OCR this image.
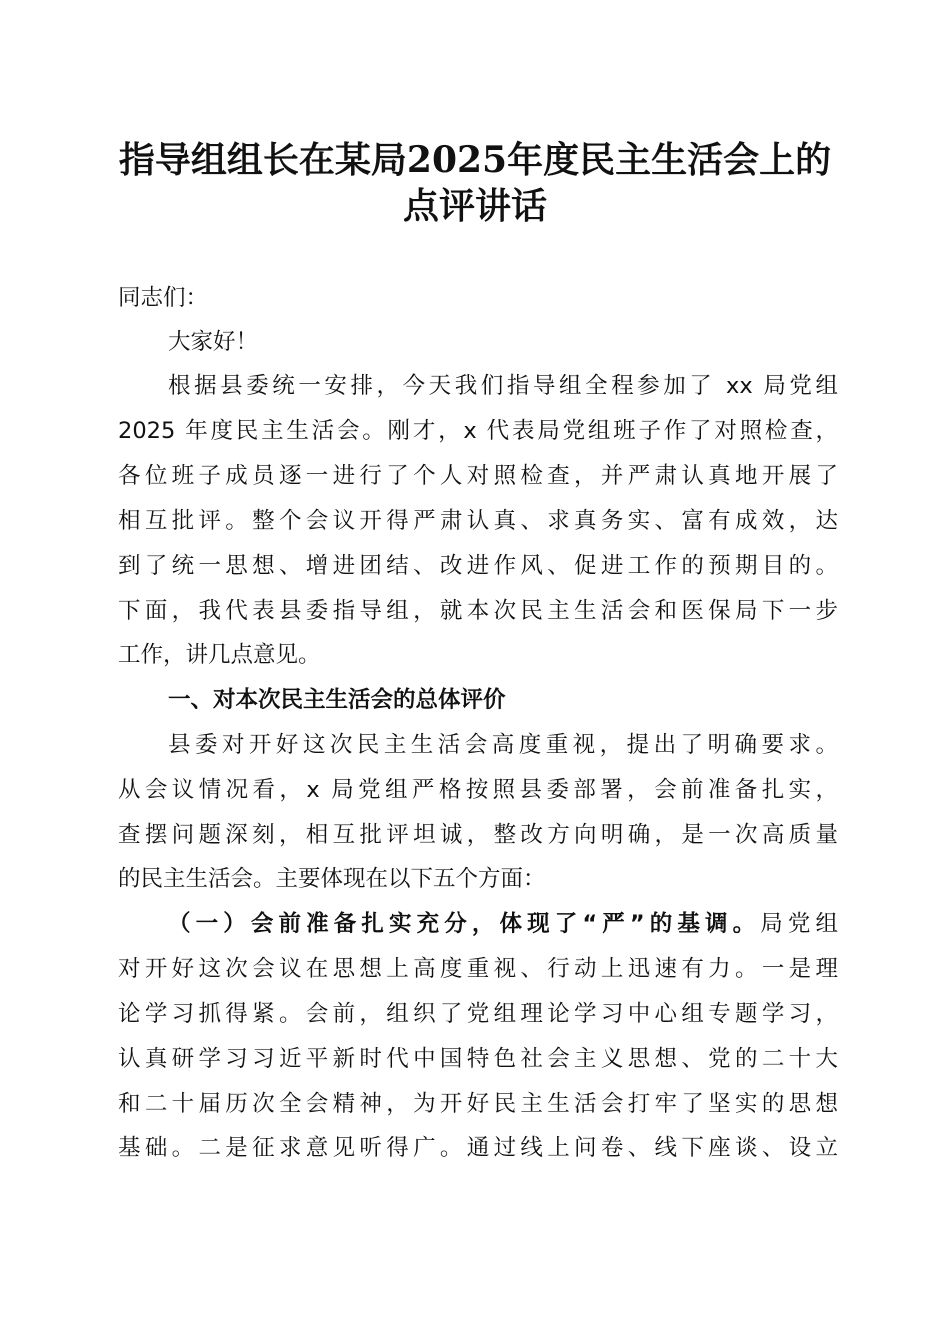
指导组组长在某局2025年度民主生活会上的
点评讲话
同志们：
大家好！
根据县委统一安排，今天我们指导组全程参加了 xx 局党组
2025 年度民主生活会。刚才，x 代表局党组班子作了对照检查，
各位班子成员逐一进行了个人对照检查，并严肃认真地开展了
相互批评。整个会议开得严肃认真、求真务实、富有成效，达
到了统一思想、增进团结、改进作风、促进工作的预期目的。
下面，我代表县委指导组，就本次民主生活会和医保局下一步
工作，讲几点意见。
一、对本次民主生活会的总体评价
县委对开好这次民主生活会高度重视，提出了明确要求。
从会议情况看，x 局党组严格按照县委部署，会前准备扎实，
查摆问题深刻，相互批评坦诚，整改方向明确，是一次高质量
的民主生活会。主要体现在以下五个方面：
（一）会前准备扎实充分，体现了“严”的基调。局党组
对开好这次会议在思想上高度重视、行动上迅速有力。一是理
论学习抓得紧。会前，组织了党组理论学习中心组专题学习，
认真研学习习近平新时代中国特色社会主义思想、党的二十大
和二十届历次全会精神，为开好民主生活会打牢了坚实的思想
基础。二是征求意见听得广。通过线上问卷、线下座谈、设立
